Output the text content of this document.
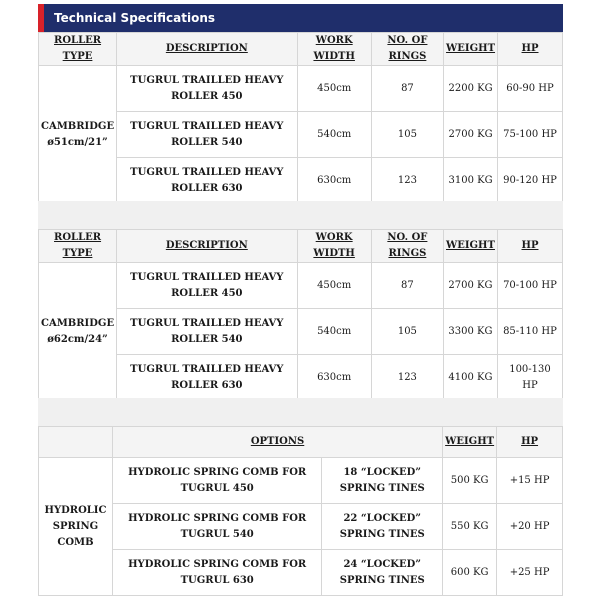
Technical Specifications
ROLLER TYPE	DESCRIPTION	WORK WIDTH	NO. OF RINGS	WEIGHT	HP
CAMBRIDGE ø51cm/21”	TUGRUL TRAILLED HEAVY ROLLER 450	450cm	87	2200 KG	60-90 HP
	TUGRUL TRAILLED HEAVY ROLLER 540	540cm	105	2700 KG	75-100 HP
	TUGRUL TRAILLED HEAVY ROLLER 630	630cm	123	3100 KG	90-120 HP
ROLLER TYPE	DESCRIPTION	WORK WIDTH	NO. OF RINGS	WEIGHT	HP
CAMBRIDGE ø62cm/24”	TUGRUL TRAILLED HEAVY ROLLER 450	450cm	87	2700 KG	70-100 HP
	TUGRUL TRAILLED HEAVY ROLLER 540	540cm	105	3300 KG	85-110 HP
	TUGRUL TRAILLED HEAVY ROLLER 630	630cm	123	4100 KG	100-130 HP
	OPTIONS		WEIGHT	HP
HYDROLIC SPRING COMB	HYDROLIC SPRING COMB FOR TUGRUL 450	18 “LOCKED” SPRING TINES	500 KG	+15 HP
	HYDROLIC SPRING COMB FOR TUGRUL 540	22 “LOCKED” SPRING TINES	550 KG	+20 HP
	HYDROLIC SPRING COMB FOR TUGRUL 630	24 “LOCKED” SPRING TINES	600 KG	+25 HP
